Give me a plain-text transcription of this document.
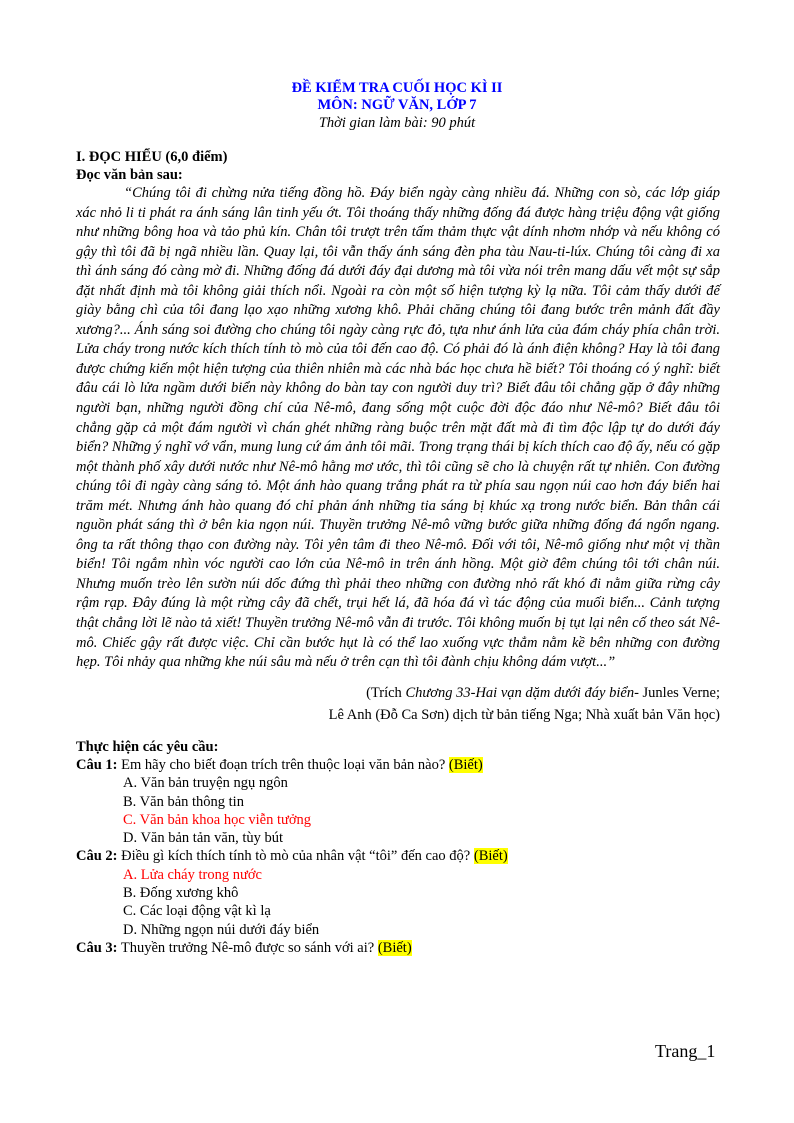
ĐỀ KIỂM TRA CUỐI HỌC KÌ II
MÔN: NGỮ VĂN, LỚP 7
Thời gian làm bài: 90 phút
I. ĐỌC HIỂU (6,0 điểm)
Đọc văn bản sau:

“Chúng tôi đi chừng nửa tiếng đồng hồ. Đáy biển ngày càng nhiều đá. Những con sò, các lớp giáp xác nhỏ li ti phát ra ánh sáng lân tinh yếu ớt. Tôi thoáng thấy những đống đá được hàng triệu động vật giống như những bông hoa và tảo phủ kín. Chân tôi trượt trên tấm thảm thực vật dính nhơm nhớp và nếu không có gậy thì tôi đã bị ngã nhiều lần. Quay lại, tôi vẫn thấy ánh sáng đèn pha tàu Nau-ti-lúx. Chúng tôi càng đi xa thì ánh sáng đó càng mờ đi. Những đống đá dưới đáy đại dương mà tôi vừa nói trên mang dấu vết một sự sắp đặt nhất định mà tôi không giải thích nổi. Ngoài ra còn một số hiện tượng kỳ lạ nữa. Tôi cảm thấy dưới đế giày bằng chì của tôi đang lạo xạo những xương khô. Phải chăng chúng tôi đang bước trên mảnh đất đầy xương?... Ánh sáng soi đường cho chúng tôi ngày càng rực đỏ, tựa như ánh lửa của đám cháy phía chân trời. Lửa cháy trong nước kích thích tính tò mò của tôi đến cao độ. Có phải đó là ánh điện không? Hay là tôi đang được chứng kiến một hiện tượng của thiên nhiên mà các nhà bác học chưa hề biết? Tôi thoáng có ý nghĩ: biết đâu cái lò lửa ngầm dưới biển này không do bàn tay con người duy trì? Biết đâu tôi chẳng gặp ở đây những người bạn, những người đồng chí của Nê-mô, đang sống một cuộc đời độc đáo như Nê-mô? Biết đâu tôi chẳng gặp cả một đám người vì chán ghét những ràng buộc trên mặt đất mà đi tìm độc lập tự do dưới đáy biển? Những ý nghĩ vớ vẩn, mung lung cứ ám ảnh tôi mãi. Trong trạng thái bị kích thích cao độ ấy, nếu có gặp một thành phố xây dưới nước như Nê-mô hằng mơ ước, thì tôi cũng sẽ cho là chuyện rất tự nhiên. Con đường chúng tôi đi ngày càng sáng tỏ. Một ánh hào quang trắng phát ra từ phía sau ngọn núi cao hơn đáy biển hai trăm mét. Nhưng ánh hào quang đó chỉ phản ánh những tia sáng bị khúc xạ trong nước biển. Bản thân cái nguồn phát sáng thì ở bên kia ngọn núi. Thuyền trưởng Nê-mô vững bước giữa những đống đá ngổn ngang. ông ta rất thông thạo con đường này. Tôi yên tâm đi theo Nê-mô. Đối với tôi, Nê-mô giống như một vị thần biển! Tôi ngắm nhìn vóc người cao lớn của Nê-mô in trên ánh hồng. Một giờ đêm chúng tôi tới chân núi. Nhưng muốn trèo lên sườn núi dốc đứng thì phải theo những con đường nhỏ rất khó đi nằm giữa rừng cây rậm rạp. Đây đúng là một rừng cây đã chết, trụi hết lá, đã hóa đá vì tác động của muối biển... Cảnh tượng thật chẳng lời lẽ nào tả xiết! Thuyền trưởng Nê-mô vẫn đi trước. Tôi không muốn bị tụt lại nên cố theo sát Nê-mô. Chiếc gậy rất được việc. Chỉ cần bước hụt là có thể lao xuống vực thẳm nằm kề bên những con đường hẹp. Tôi nhảy qua những khe núi sâu mà nếu ở trên cạn thì tôi đành chịu không dám vượt...”

(Trích Chương 33-Hai vạn dặm dưới đáy biển- Junles Verne;
Lê Anh (Đỗ Ca Sơn) dịch từ bản tiếng Nga; Nhà xuất bản Văn học)
Thực hiện các yêu cầu:
Câu 1: Em hãy cho biết đoạn trích trên thuộc loại văn bản nào? (Biết)
A. Văn bản truyện ngụ ngôn
B. Văn bản thông tin
C. Văn bản khoa học viễn tưởng
D. Văn bản tản văn, tùy bút
Câu 2: Điều gì kích thích tính tò mò của nhân vật “tôi” đến cao độ? (Biết)
A. Lửa cháy trong nước
B. Đống xương khô
C. Các loại động vật kì lạ
D. Những ngọn núi dưới đáy biển
Câu 3: Thuyền trưởng Nê-mô được so sánh với ai? (Biết)
Trang_1
